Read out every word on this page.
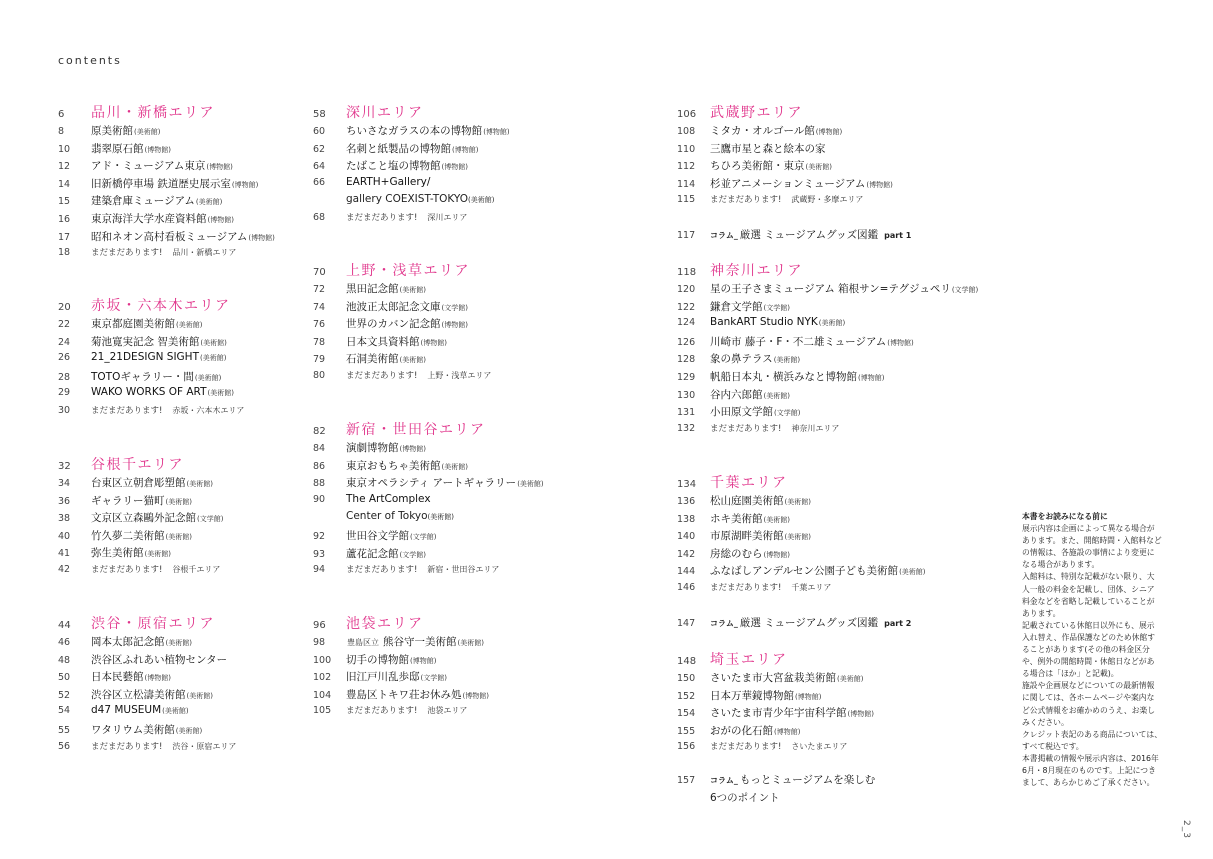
contents
6	品川・新橋エリア
8	原美術館 (美術館)
10	翡翠原石館 (博物館)
12	アド・ミュージアム東京 (博物館)
14	旧新橋停車場 鉄道歴史展示室 (博物館)
15	建築倉庫ミュージアム (美術館)
16	東京海洋大学水産資料館 (博物館)
17	昭和ネオン高村看板ミュージアム (博物館)
18	まだまだあります! 品川・新橋エリア
20	赤坂・六本木エリア
22	東京都庭園美術館 (美術館)
24	菊池寛実記念 智美術館 (美術館)
26	21_21DESIGN SIGHT (美術館)
28	TOTOギャラリー・間 (美術館)
29	WAKO WORKS OF ART (美術館)
30	まだまだあります! 赤坂・六本木エリア
32	谷根千エリア
34	台東区立朝倉彫塑館 (美術館)
36	ギャラリー猫町 (美術館)
38	文京区立森鷗外記念館 (文学館)
40	竹久夢二美術館 (美術館)
41	弥生美術館 (美術館)
42	まだまだあります! 谷根千エリア
44	渋谷・原宿エリア
46	岡本太郎記念館 (美術館)
48	渋谷区ふれあい植物センター
50	日本民藝館 (博物館)
52	渋谷区立松濤美術館 (美術館)
54	d47 MUSEUM (美術館)
55	ワタリウム美術館 (美術館)
56	まだまだあります! 渋谷・原宿エリア
58	深川エリア
60	ちいさなガラスの本の博物館 (博物館)
62	名刺と紙製品の博物館 (博物館)
64	たばこと塩の博物館 (博物館)
66	EARTH+Gallery/
gallery COEXIST-TOKYO(美術館)
68	まだまだあります! 深川エリア
70	上野・浅草エリア
72	黒田記念館 (美術館)
74	池波正太郎記念文庫 (文学館)
76	世界のカバン記念館 (博物館)
78	日本文具資料館 (博物館)
79	石洞美術館 (美術館)
80	まだまだあります! 上野・浅草エリア
82	新宿・世田谷エリア
84	演劇博物館 (博物館)
86	東京おもちゃ美術館 (美術館)
88	東京オペラシティ アートギャラリー (美術館)
90	The ArtComplex
Center of Tokyo(美術館)
92	世田谷文学館 (文学館)
93	蘆花記念館 (文学館)
94	まだまだあります! 新宿・世田谷エリア
96	池袋エリア
98	豊島区立 熊谷守一美術館 (美術館)
100	切手の博物館 (博物館)
102	旧江戸川乱歩邸 (文学館)
104	豊島区トキワ荘お休み処 (博物館)
105	まだまだあります! 池袋エリア
106 武蔵野エリア
108	ミタカ・オルゴール館 (博物館)
110	三鷹市星と森と絵本の家
112	ちひろ美術館・東京 (美術館)
114	杉並アニメーションミュージアム (博物館)
115	まだまだあります! 武蔵野・多摩エリア
117	コラム_ 厳選 ミュージアムグッズ図鑑 part 1
118 神奈川エリア
120	星の王子さまミュージアム 箱根サン=テグジュペリ (文学館)
122	鎌倉文学館 (文学館)
124	BankART Studio NYK (美術館)
126	川崎市 藤子・F・不二雄ミュージアム (博物館)
128	象の鼻テラス (美術館)
129	帆船日本丸・横浜みなと博物館 (博物館)
130	谷内六郎館 (美術館)
131	小田原文学館 (文学館)
132	まだまだあります! 神奈川エリア
134 千葉エリア
136	松山庭園美術館 (美術館)
138	ホキ美術館 (美術館)
140	市原湖畔美術館 (美術館)
142	房総のむら (博物館)
144	ふなばしアンデルセン公園子ども美術館 (美術館)
146	まだまだあります! 千葉エリア
147	コラム_ 厳選 ミュージアムグッズ図鑑 part 2
148 埼玉エリア
150	さいたま市大宮盆栽美術館 (美術館)
152	日本万華鏡博物館 (博物館)
154	さいたま市青少年宇宙科学館 (博物館)
155	おがの化石館 (博物館)
156	まだまだあります! さいたまエリア
157	コラム_ もっとミュージアムを楽しむ
6つのポイント

本書をお読みになる前に

展示内容は企画によって異なる場合があります。また、開館時間・入館料などの情報は、各施設の事情により変更になる場合があります。

入館料は、特別な記載がない限り、大人一般の料金を記載し、団体、シニア料金などを省略し記載していることがあります。

記載されている休館日以外にも、展示入れ替え、作品保護などのため休館することがあります(その他の料金区分や、例外の開館時間・休館日などがある場合は「ほか」と記載)。

施設や企画展などについての最新情報に関しては、各ホームページや案内など公式情報をお確かめのうえ、お楽しみください。

クレジット表記のある商品については、すべて税込です。

本書掲載の情報や展示内容は、2016年6月・8月現在のものです。上記につきまして、あらかじめご了承ください。

2_3
